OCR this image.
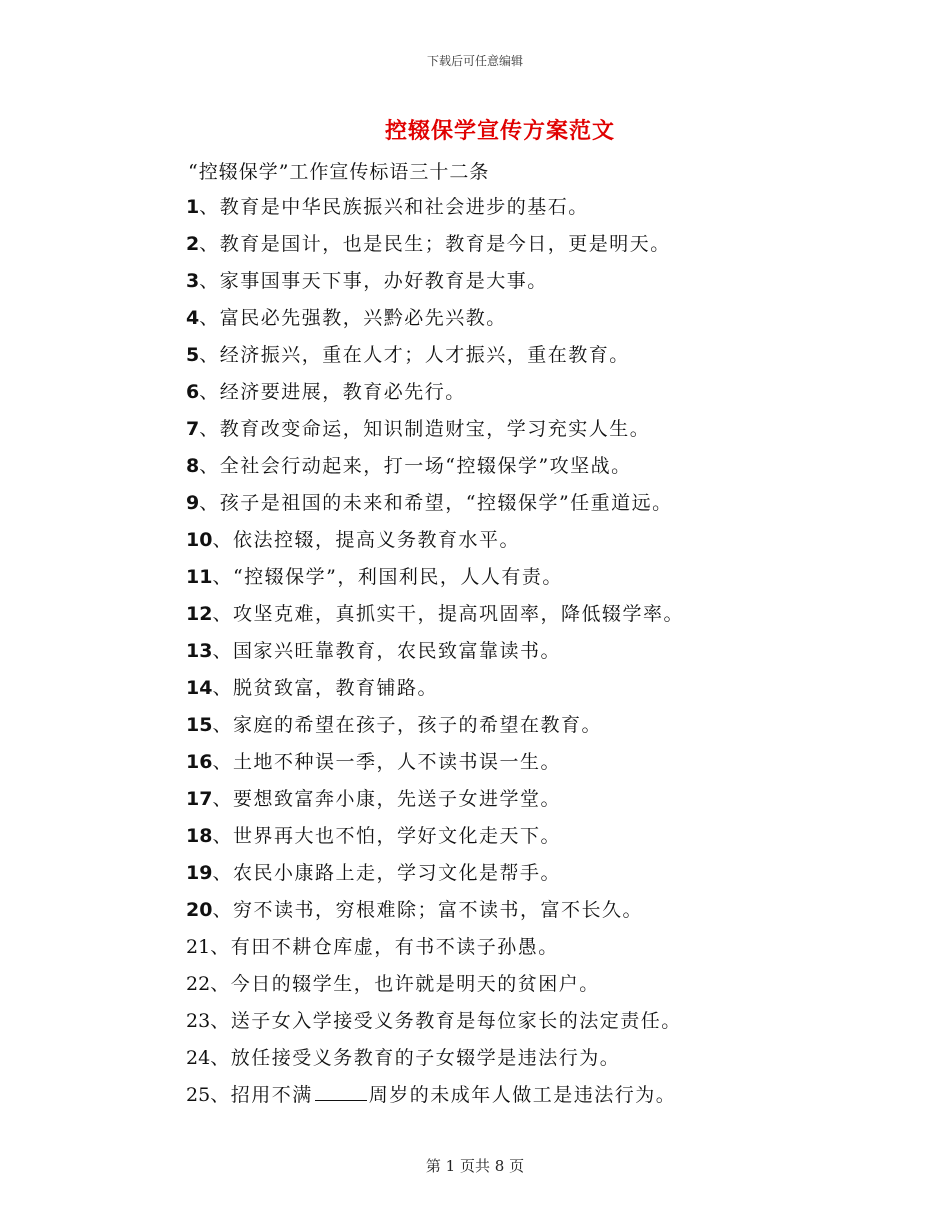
下载后可任意编辑
控辍保学宣传方案范文
“控辍保学”工作宣传标语三十二条
1、教育是中华民族振兴和社会进步的基石。
2、教育是国计，也是民生；教育是今日，更是明天。
3、家事国事天下事，办好教育是大事。
4、富民必先强教，兴黔必先兴教。
5、经济振兴，重在人才；人才振兴，重在教育。
6、经济要进展，教育必先行。
7、教育改变命运，知识制造财宝，学习充实人生。
8、全社会行动起来，打一场“控辍保学”攻坚战。
9、孩子是祖国的未来和希望，“控辍保学”任重道远。
10、依法控辍，提高义务教育水平。
11、“控辍保学”，利国利民，人人有责。
12、攻坚克难，真抓实干，提高巩固率，降低辍学率。
13、国家兴旺靠教育，农民致富靠读书。
14、脱贫致富，教育铺路。
15、家庭的希望在孩子，孩子的希望在教育。
16、土地不种误一季，人不读书误一生。
17、要想致富奔小康，先送子女进学堂。
18、世界再大也不怕，学好文化走天下。
19、农民小康路上走，学习文化是帮手。
20、穷不读书，穷根难除；富不读书，富不长久。
21、有田不耕仓库虚，有书不读子孙愚。
22、今日的辍学生，也许就是明天的贫困户。
23、送子女入学接受义务教育是每位家长的法定责任。
24、放任接受义务教育的子女辍学是违法行为。
25、招用不满	周岁的未成年人做工是违法行为。
第 1 页共 8 页
